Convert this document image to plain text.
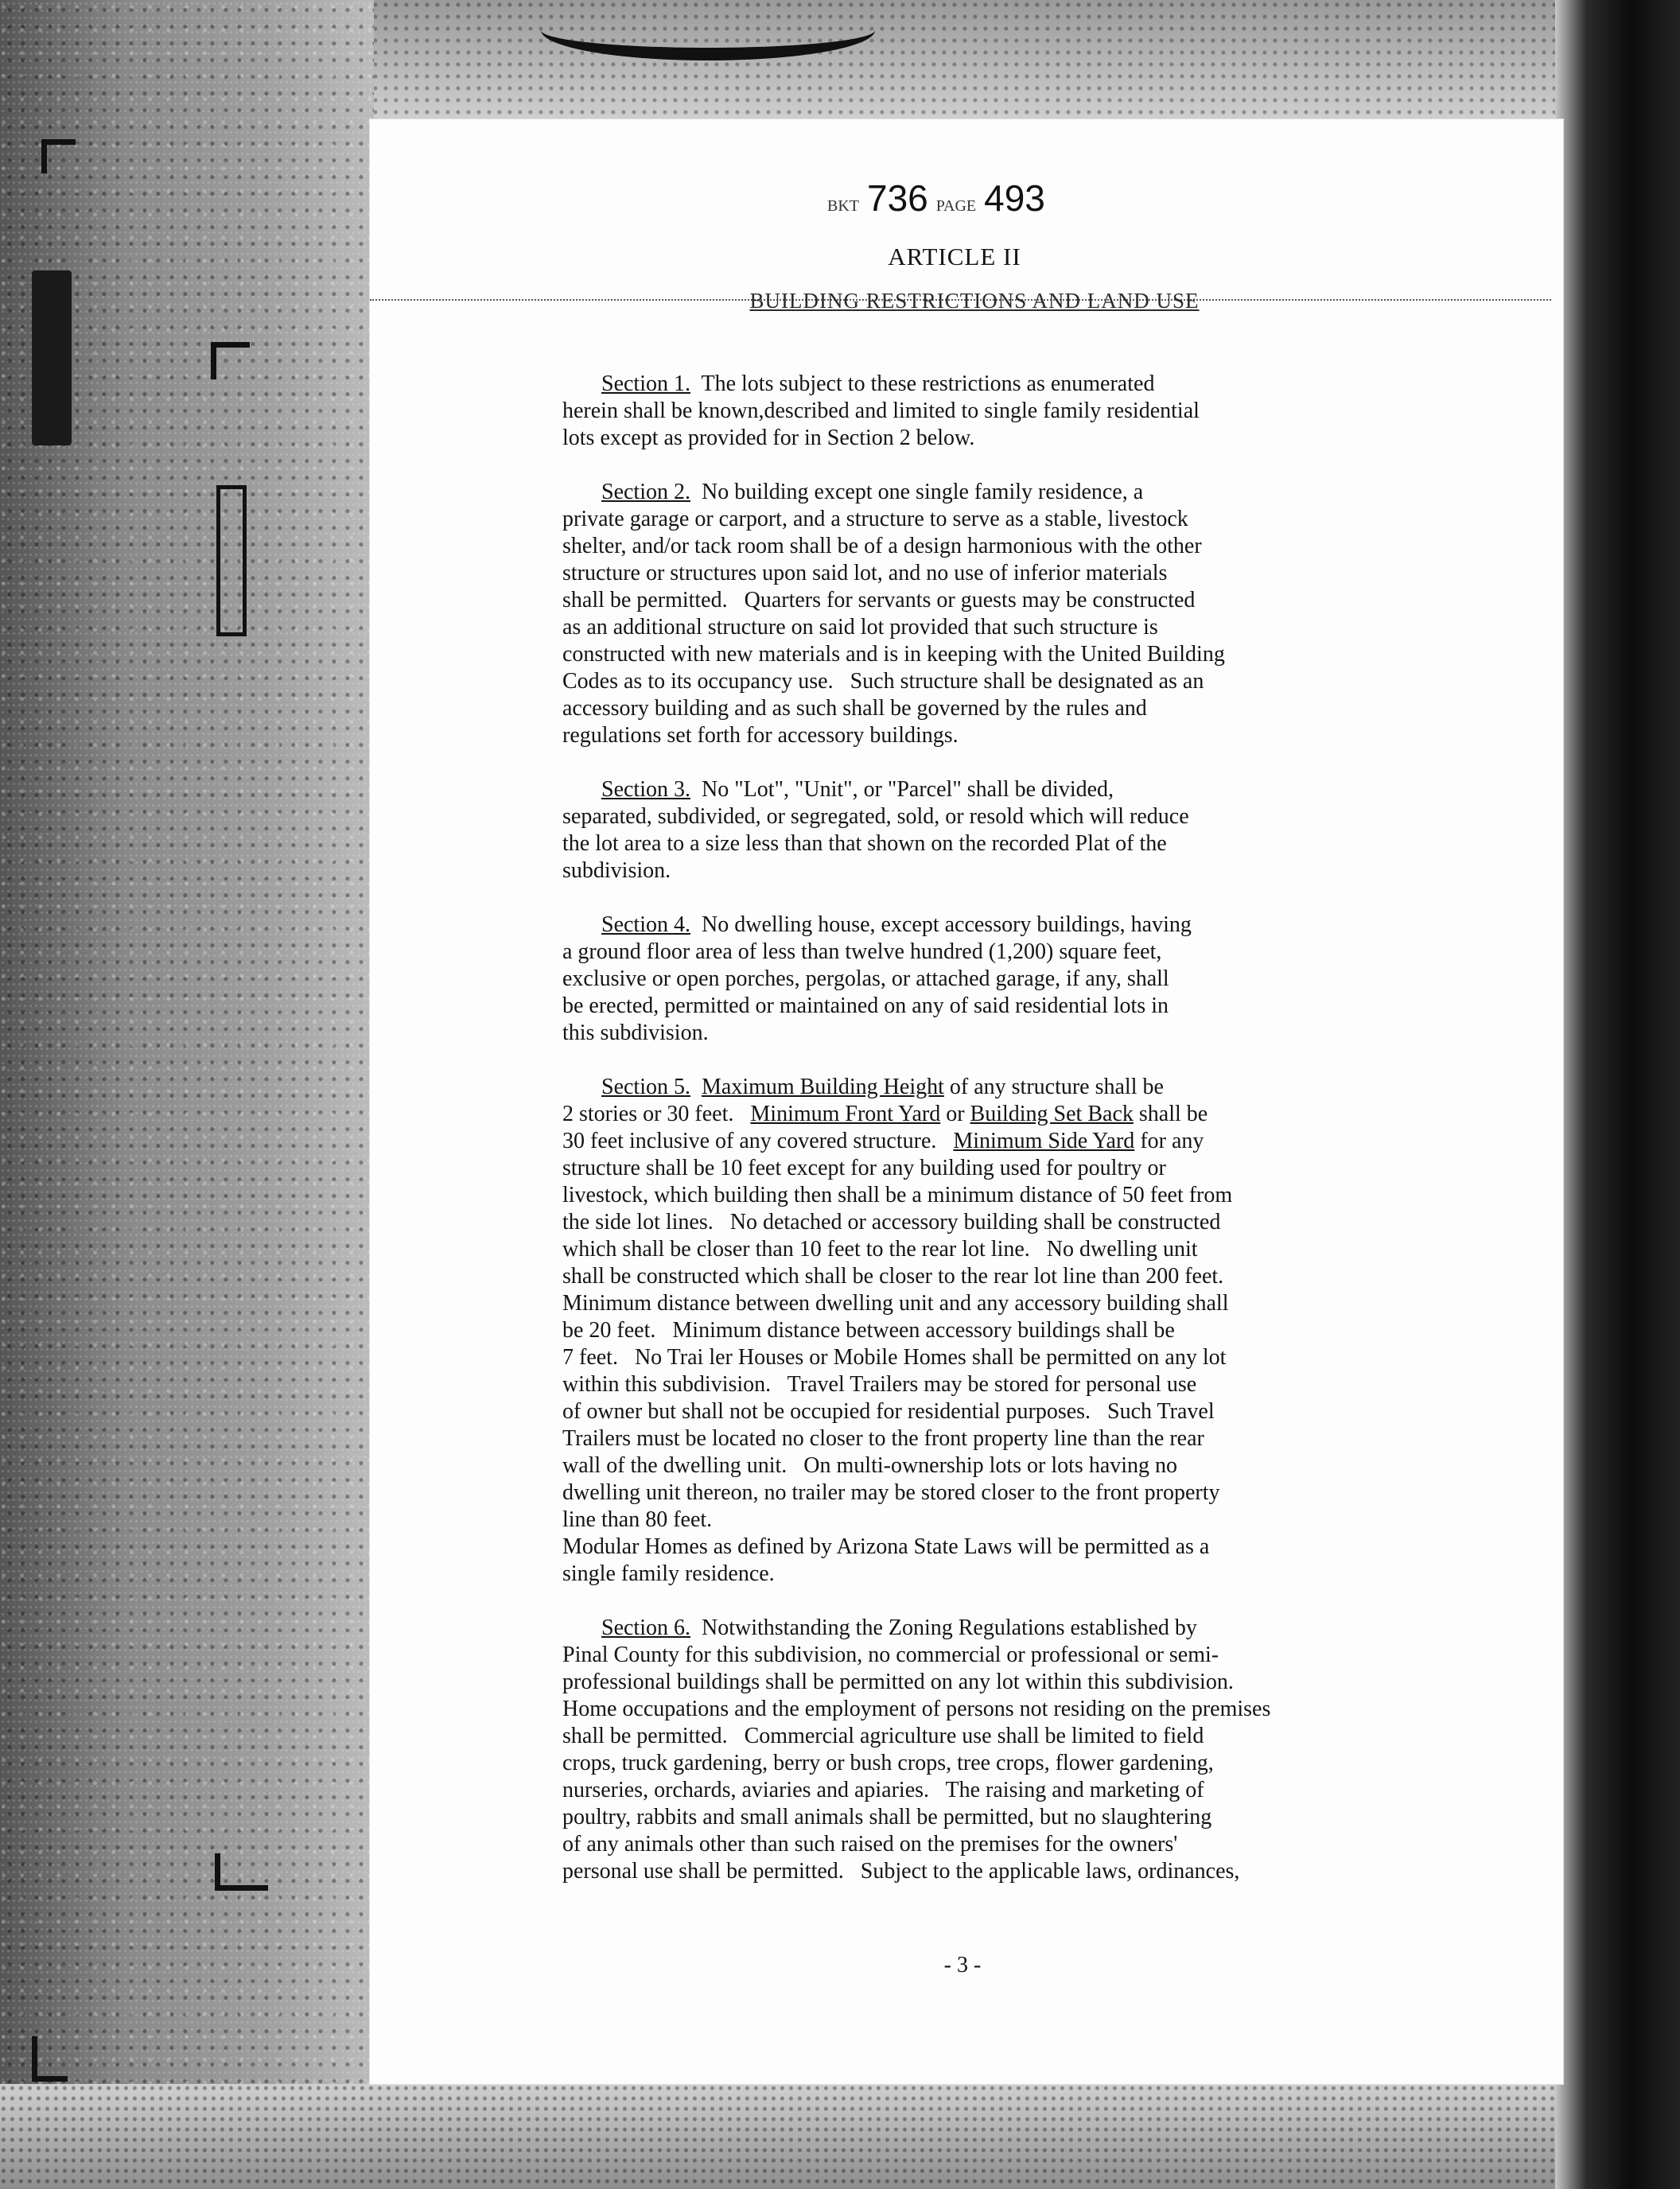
BKT 736 PAGE 493
ARTICLE II
BUILDING RESTRICTIONS AND LAND USE
Section 1. The lots subject to these restrictions as enumerated
herein shall be known,described and limited to single family residential
lots except as provided for in Section 2 below.
Section 2. No building except one single family residence, a
private garage or carport, and a structure to serve as a stable, livestock
shelter, and/or tack room shall be of a design harmonious with the other
structure or structures upon said lot, and no use of inferior materials
shall be permitted.   Quarters for servants or guests may be constructed
as an additional structure on said lot provided that such structure is
constructed with new materials and is in keeping with the United Building
Codes as to its occupancy use.   Such structure shall be designated as an
accessory building and as such shall be governed by the rules and
regulations set forth for accessory buildings.
Section 3. No "Lot", "Unit", or "Parcel" shall be divided,
separated, subdivided, or segregated, sold, or resold which will reduce
the lot area to a size less than that shown on the recorded Plat of the
subdivision.
Section 4. No dwelling house, except accessory buildings, having
a ground floor area of less than twelve hundred (1,200) square feet,
exclusive or open porches, pergolas, or attached garage, if any, shall
be erected, permitted or maintained on any of said residential lots in
this subdivision.
Section 5. Maximum Building Height of any structure shall be
2 stories or 30 feet.   Minimum Front Yard or Building Set Back shall be
30 feet inclusive of any covered structure.   Minimum Side Yard for any
structure shall be 10 feet except for any building used for poultry or
livestock, which building then shall be a minimum distance of 50 feet from
the side lot lines.   No detached or accessory building shall be constructed
which shall be closer than 10 feet to the rear lot line.   No dwelling unit
shall be constructed which shall be closer to the rear lot line than 200 feet.
Minimum distance between dwelling unit and any accessory building shall
be 20 feet.   Minimum distance between accessory buildings shall be
7 feet.   No Trai ler Houses or Mobile Homes shall be permitted on any lot
within this subdivision.   Travel Trailers may be stored for personal use
of owner but shall not be occupied for residential purposes.   Such Travel
Trailers must be located no closer to the front property line than the rear
wall of the dwelling unit.   On multi-ownership lots or lots having no
dwelling unit thereon, no trailer may be stored closer to the front property
line than 80 feet.
Modular Homes as defined by Arizona State Laws will be permitted as a
single family residence.
Section 6. Notwithstanding the Zoning Regulations established by
Pinal County for this subdivision, no commercial or professional or semi-
professional buildings shall be permitted on any lot within this subdivision.
Home occupations and the employment of persons not residing on the premises
shall be permitted.   Commercial agriculture use shall be limited to field
crops, truck gardening, berry or bush crops, tree crops, flower gardening,
nurseries, orchards, aviaries and apiaries.   The raising and marketing of
poultry, rabbits and small animals shall be permitted, but no slaughtering
of any animals other than such raised on the premises for the owners'
personal use shall be permitted.   Subject to the applicable laws, ordinances,
- 3 -
